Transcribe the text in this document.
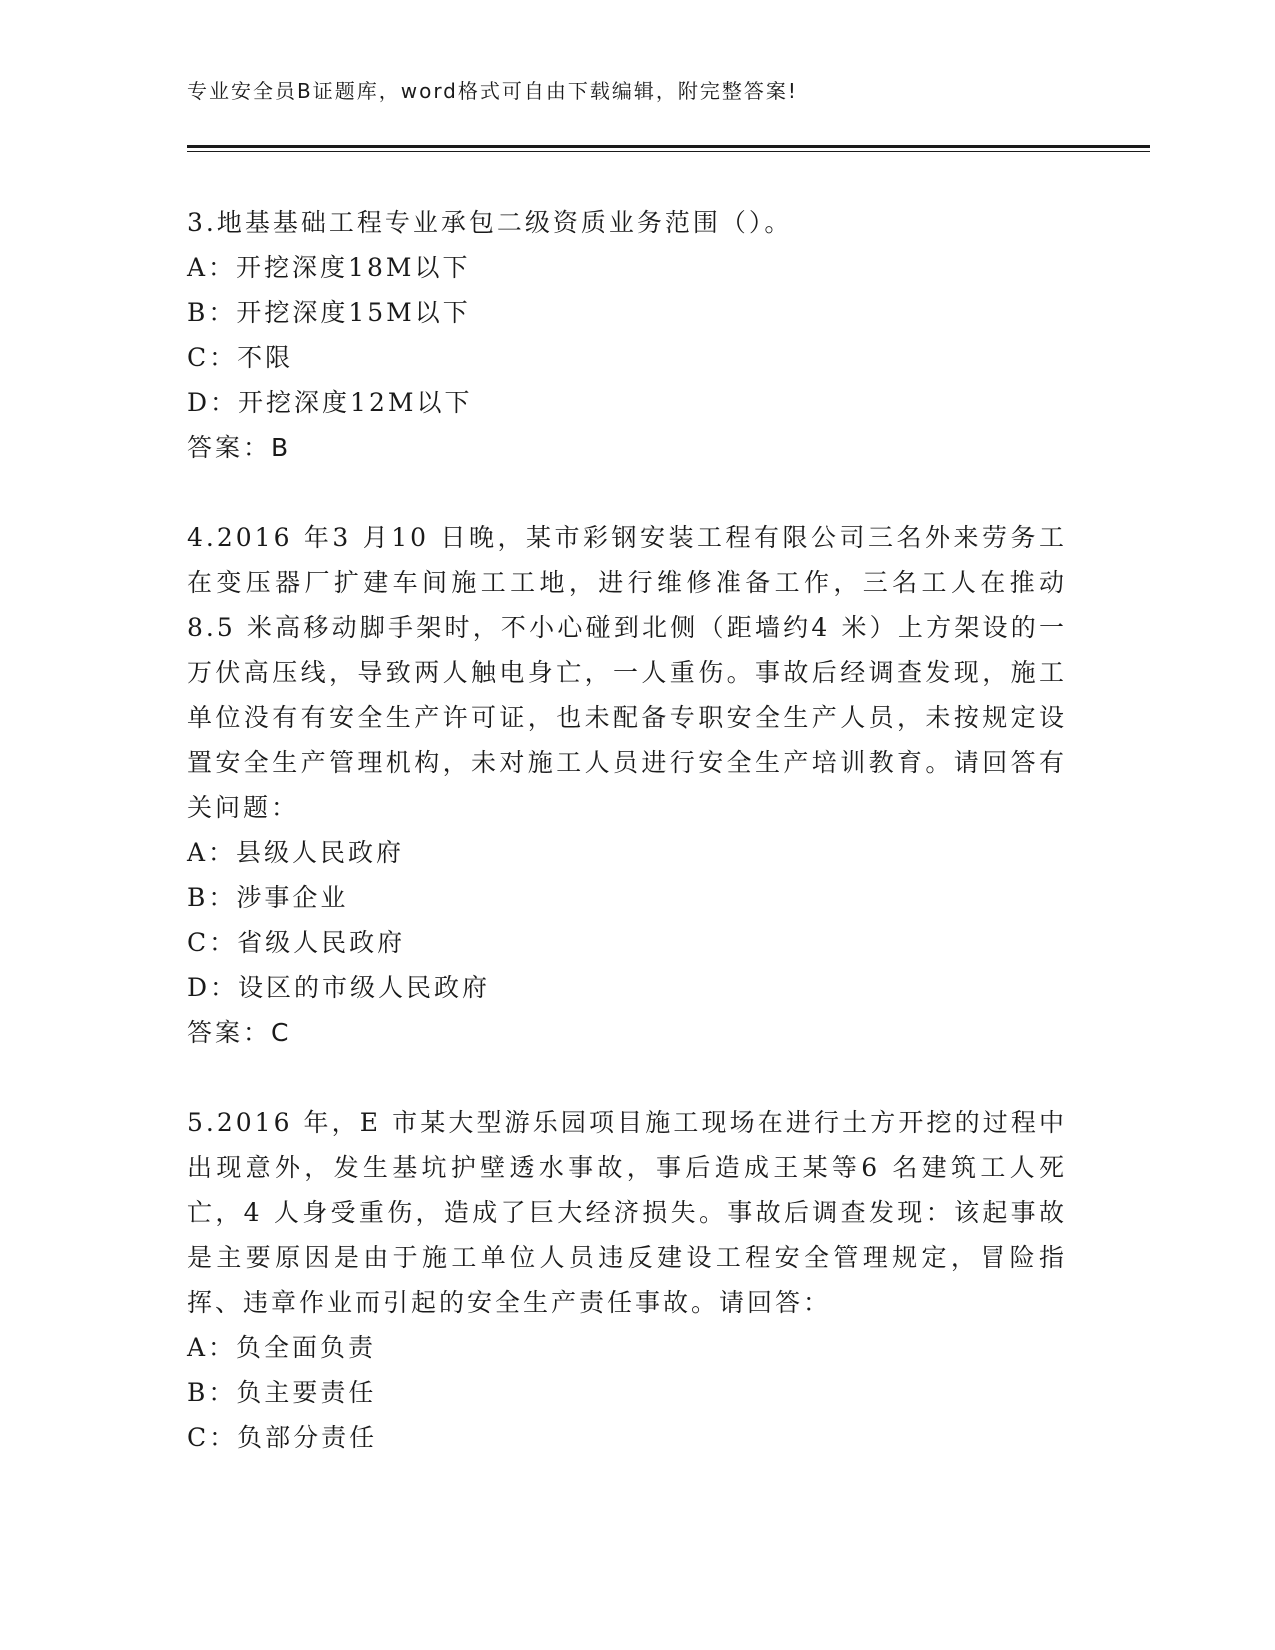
专业安全员B证题库，word格式可自由下载编辑，附完整答案!

3.地基基础工程专业承包二级资质业务范围（）。

A：开挖深度18M以下

B：开挖深度15M以下

C：不限

D：开挖深度12M以下

答案：B

4.2016 年3 月10 日晚，某市彩钢安装工程有限公司三名外来劳务工在变压器厂扩建车间施工工地，进行维修准备工作，三名工人在推动8.5 米高移动脚手架时，不小心碰到北侧（距墙约4 米）上方架设的一万伏高压线，导致两人触电身亡，一人重伤。事故后经调查发现，施工单位没有有安全生产许可证，也未配备专职安全生产人员，未按规定设置安全生产管理机构，未对施工人员进行安全生产培训教育。请回答有关问题：

A：县级人民政府

B：涉事企业

C：省级人民政府

D：设区的市级人民政府

答案：C

5.2016 年，E 市某大型游乐园项目施工现场在进行土方开挖的过程中出现意外，发生基坑护壁透水事故，事后造成王某等6 名建筑工人死亡，4 人身受重伤，造成了巨大经济损失。事故后调查发现：该起事故是主要原因是由于施工单位人员违反建设工程安全管理规定，冒险指挥、违章作业而引起的安全生产责任事故。请回答：

A：负全面负责

B：负主要责任

C：负部分责任
